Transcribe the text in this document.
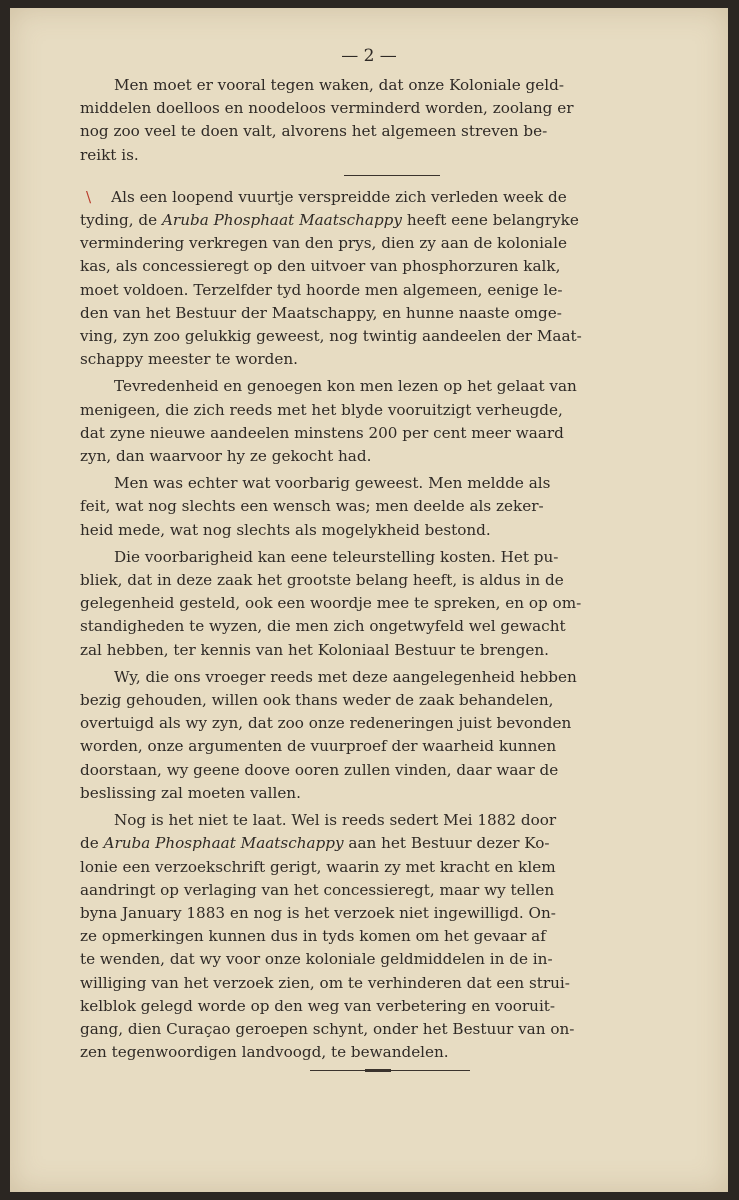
— 2 —
Men moet er vooral tegen waken, dat onze Koloniale geld-
middelen doelloos en noodeloos verminderd worden, zoolang er
nog zoo veel te doen valt, alvorens het algemeen streven be-
reikt is.
\ Als een loopend vuurtje verspreidde zich verleden week de
tyding, de Aruba Phosphaat Maatschappy heeft eene belangryke
vermindering verkregen van den prys, dien zy aan de koloniale
kas, als concessieregt op den uitvoer van phosphorzuren kalk,
moet voldoen. Terzelfder tyd hoorde men algemeen, eenige le-
den van het Bestuur der Maatschappy, en hunne naaste omge-
ving, zyn zoo gelukkig geweest, nog twintig aandeelen der Maat-
schappy meester te worden.
Tevredenheid en genoegen kon men lezen op het gelaat van
menigeen, die zich reeds met het blyde vooruitzigt verheugde,
dat zyne nieuwe aandeelen minstens 200 per cent meer waard
zyn, dan waarvoor hy ze gekocht had.
Men was echter wat voorbarig geweest. Men meldde als
feit, wat nog slechts een wensch was; men deelde als zeker-
heid mede, wat nog slechts als mogelykheid bestond.
Die voorbarigheid kan eene teleurstelling kosten. Het pu-
bliek, dat in deze zaak het grootste belang heeft, is aldus in de
gelegenheid gesteld, ook een woordje mee te spreken, en op om-
standigheden te wyzen, die men zich ongetwyfeld wel gewacht
zal hebben, ter kennis van het Koloniaal Bestuur te brengen.
Wy, die ons vroeger reeds met deze aangelegenheid hebben
bezig gehouden, willen ook thans weder de zaak behandelen,
overtuigd als wy zyn, dat zoo onze redeneringen juist bevonden
worden, onze argumenten de vuurproef der waarheid kunnen
doorstaan, wy geene doove ooren zullen vinden, daar waar de
beslissing zal moeten vallen.
Nog is het niet te laat. Wel is reeds sedert Mei 1882 door
de Aruba Phosphaat Maatschappy aan het Bestuur dezer Ko-
lonie een verzoekschrift gerigt, waarin zy met kracht en klem
aandringt op verlaging van het concessieregt, maar wy tellen
byna January 1883 en nog is het verzoek niet ingewilligd. On-
ze opmerkingen kunnen dus in tyds komen om het gevaar af
te wenden, dat wy voor onze koloniale geldmiddelen in de in-
williging van het verzoek zien, om te verhinderen dat een strui-
kelblok gelegd worde op den weg van verbetering en vooruit-
gang, dien Curaçao geroepen schynt, onder het Bestuur van on-
zen tegenwoordigen landvoogd, te bewandelen.
